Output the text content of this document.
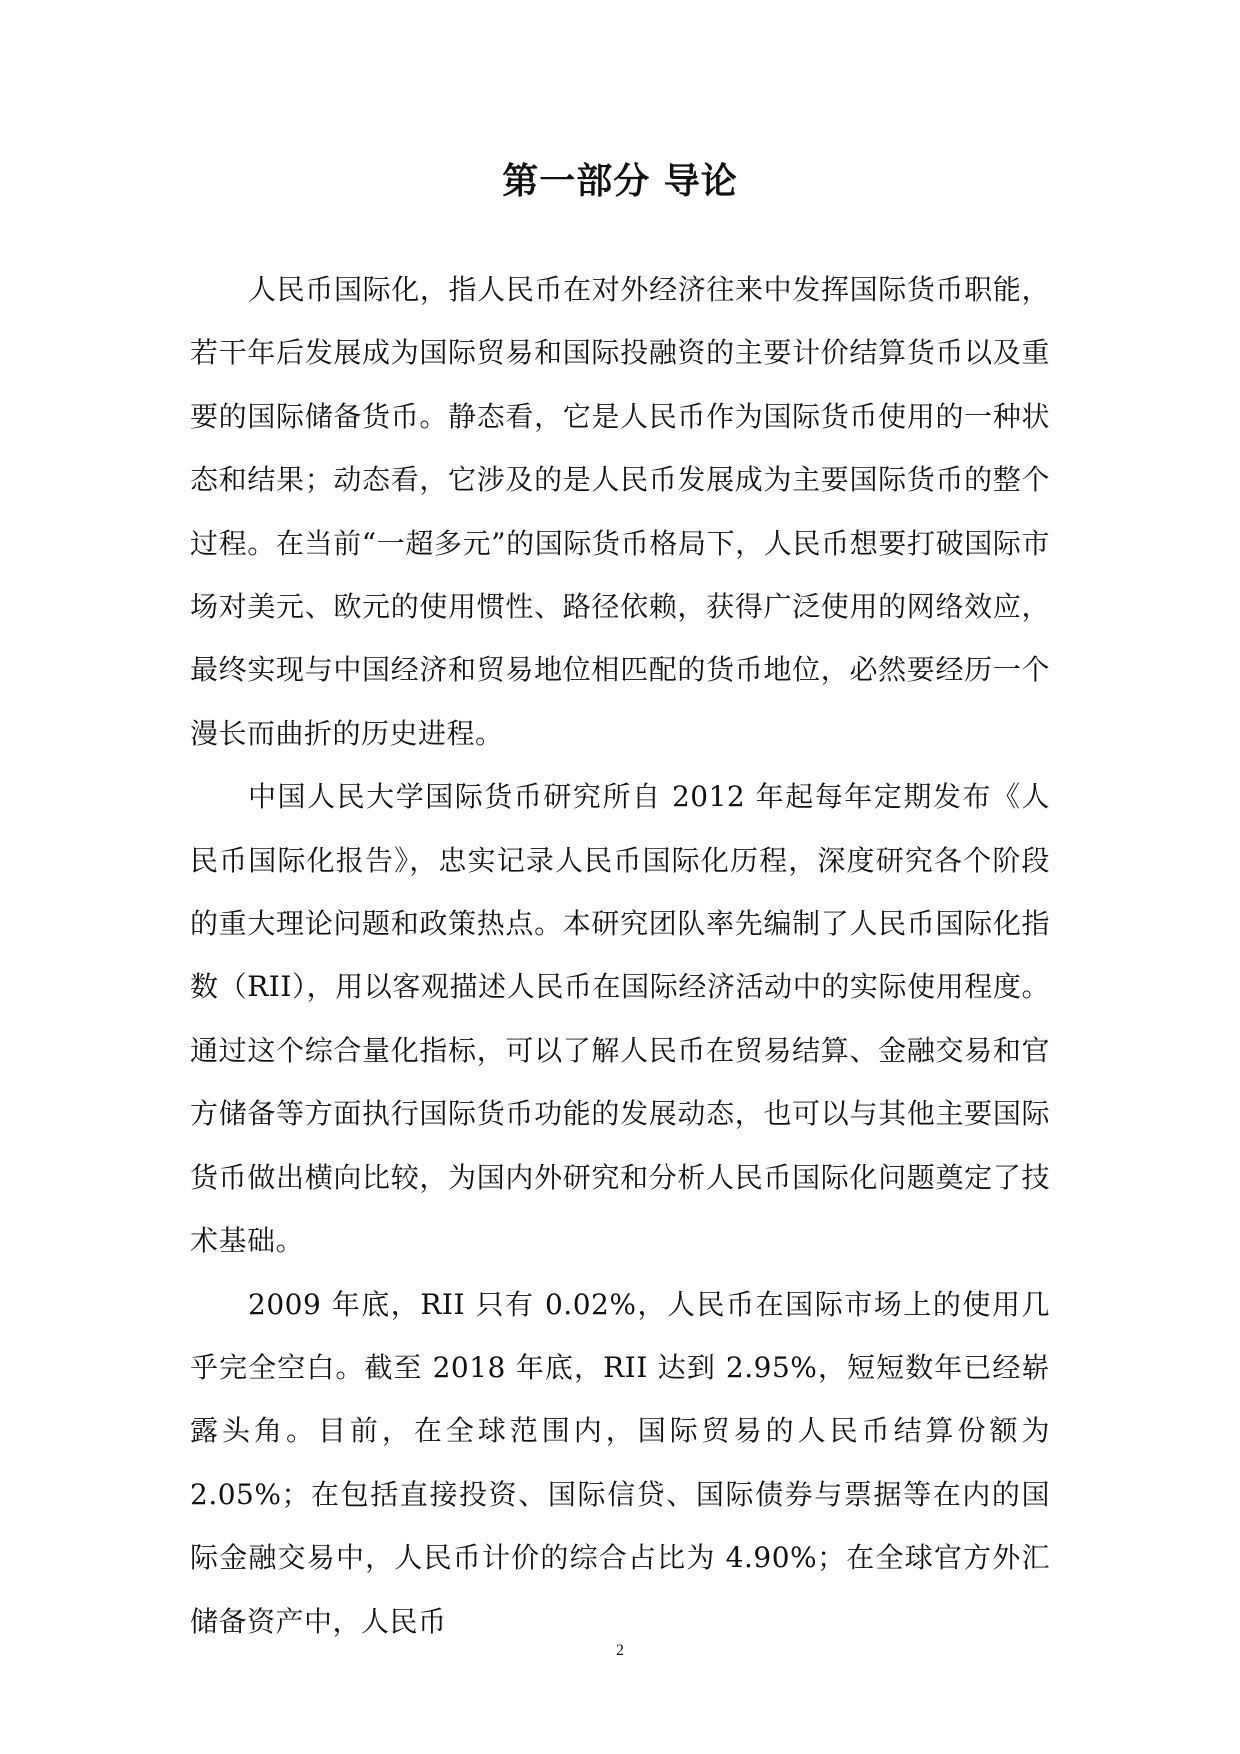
第一部分 导论

人民币国际化，指人民币在对外经济往来中发挥国际货币职能，若干年后发展成为国际贸易和国际投融资的主要计价结算货币以及重要的国际储备货币。静态看，它是人民币作为国际货币使用的一种状态和结果；动态看，它涉及的是人民币发展成为主要国际货币的整个过程。在当前“一超多元”的国际货币格局下，人民币想要打破国际市场对美元、欧元的使用惯性、路径依赖，获得广泛使用的网络效应，最终实现与中国经济和贸易地位相匹配的货币地位，必然要经历一个漫长而曲折的历史进程。

中国人民大学国际货币研究所自 2012 年起每年定期发布《人民币国际化报告》，忠实记录人民币国际化历程，深度研究各个阶段的重大理论问题和政策热点。本研究团队率先编制了人民币国际化指数（RII），用以客观描述人民币在国际经济活动中的实际使用程度。通过这个综合量化指标，可以了解人民币在贸易结算、金融交易和官方储备等方面执行国际货币功能的发展动态，也可以与其他主要国际货币做出横向比较，为国内外研究和分析人民币国际化问题奠定了技术基础。

2009 年底，RII 只有 0.02%，人民币在国际市场上的使用几乎完全空白。截至 2018 年底，RII 达到 2.95%，短短数年已经崭露头角。目前，在全球范围内，国际贸易的人民币结算份额为 2.05%；在包括直接投资、国际信贷、国际债券与票据等在内的国际金融交易中，人民币计价的综合占比为 4.90%；在全球官方外汇储备资产中，人民币

2
